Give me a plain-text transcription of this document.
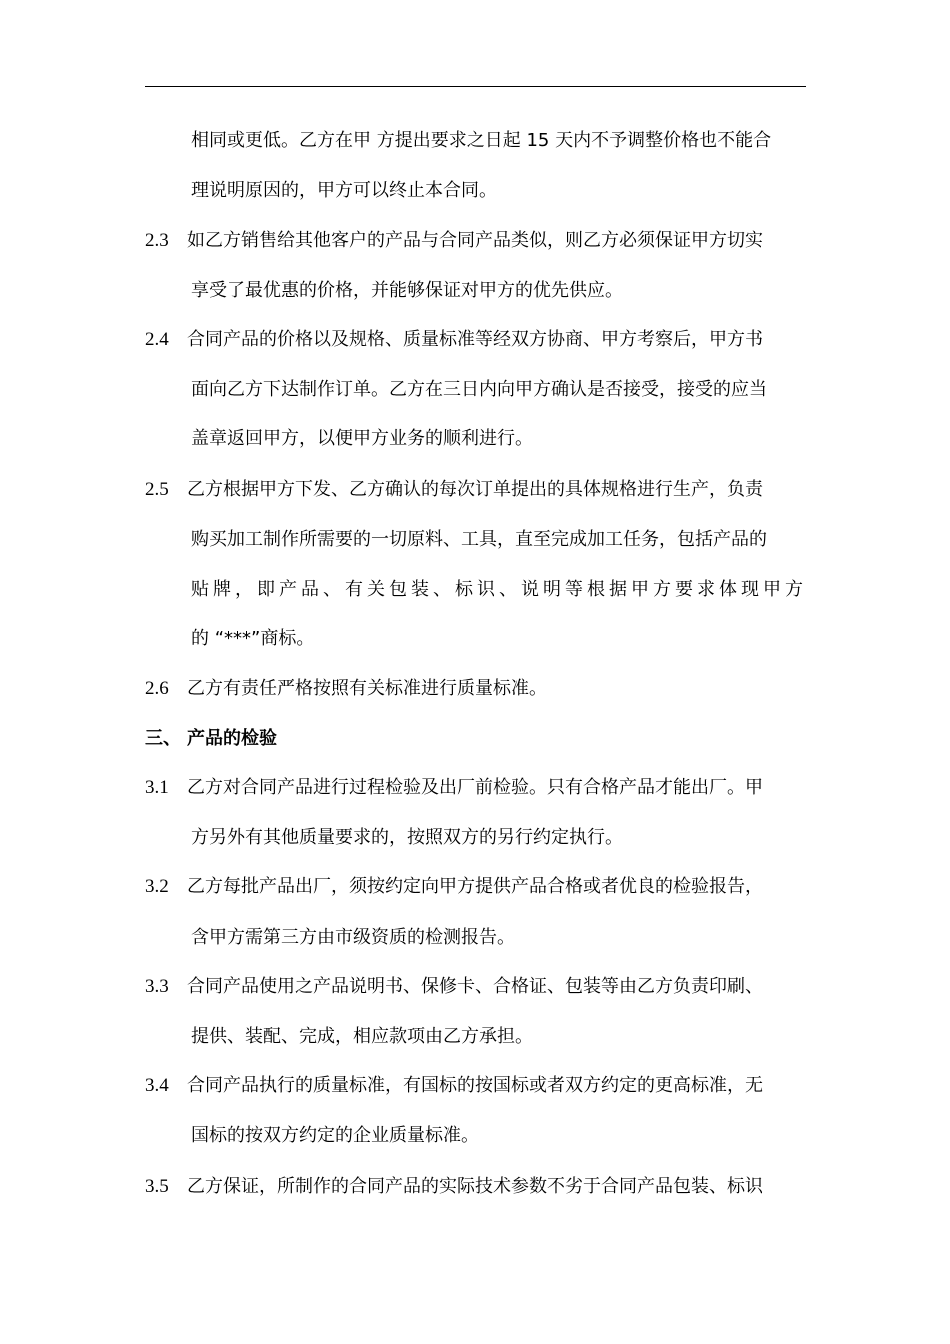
相同或更低。乙方在甲 方提出要求之日起 15 天内不予调整价格也不能合
理说明原因的，甲方可以终止本合同。
2.3 如乙方销售给其他客户的产品与合同产品类似，则乙方必须保证甲方切实
享受了最优惠的价格，并能够保证对甲方的优先供应。
2.4 合同产品的价格以及规格、质量标准等经双方协商、甲方考察后，甲方书
面向乙方下达制作订单。乙方在三日内向甲方确认是否接受，接受的应当
盖章返回甲方，以便甲方业务的顺利进行。
2.5 乙方根据甲方下发、乙方确认的每次订单提出的具体规格进行生产，负责
购买加工制作所需要的一切原料、工具，直至完成加工任务，包括产品的
贴牌，即产品、有关包装、标识、说明等根据甲方要求体现甲方
的 “***”商标。
2.6 乙方有责任严格按照有关标准进行质量标准。
三、 产品的检验
3.1 乙方对合同产品进行过程检验及出厂前检验。只有合格产品才能出厂。甲
方另外有其他质量要求的，按照双方的另行约定执行。
3.2 乙方每批产品出厂，须按约定向甲方提供产品合格或者优良的检验报告，
含甲方需第三方由市级资质的检测报告。
3.3 合同产品使用之产品说明书、保修卡、合格证、包装等由乙方负责印刷、
提供、装配、完成，相应款项由乙方承担。
3.4 合同产品执行的质量标准，有国标的按国标或者双方约定的更高标准，无
国标的按双方约定的企业质量标准。
3.5 乙方保证，所制作的合同产品的实际技术参数不劣于合同产品包装、标识
